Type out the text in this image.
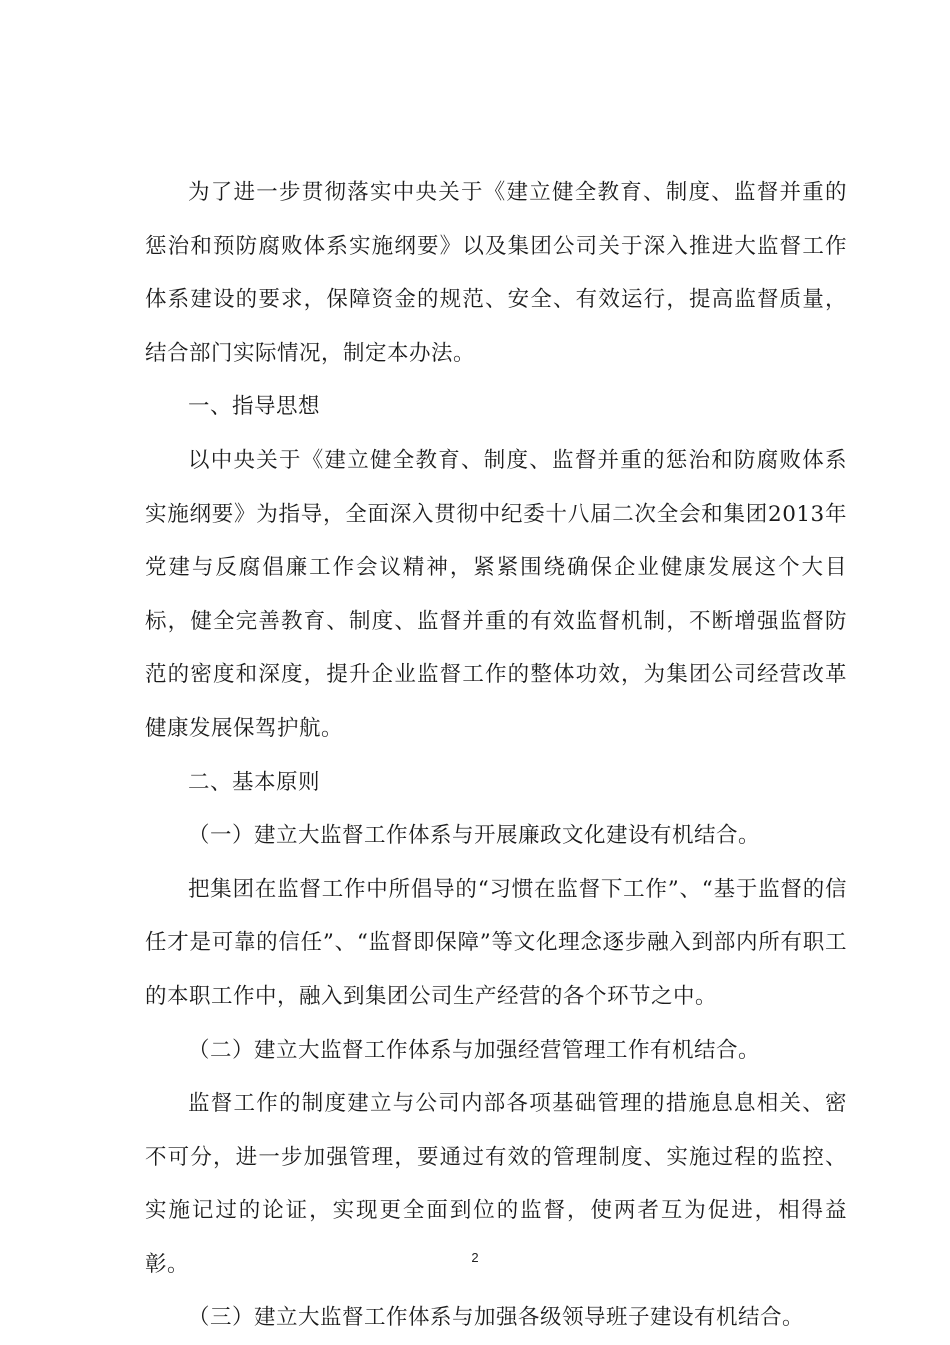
为了进一步贯彻落实中央关于《建立健全教育、制度、监督并重的惩治和预防腐败体系实施纲要》以及集团公司关于深入推进大监督工作体系建设的要求，保障资金的规范、安全、有效运行，提高监督质量，结合部门实际情况，制定本办法。

一、指导思想

以中央关于《建立健全教育、制度、监督并重的惩治和防腐败体系实施纲要》为指导，全面深入贯彻中纪委十八届二次全会和集团2013年党建与反腐倡廉工作会议精神，紧紧围绕确保企业健康发展这个大目标，健全完善教育、制度、监督并重的有效监督机制，不断增强监督防范的密度和深度，提升企业监督工作的整体功效，为集团公司经营改革健康发展保驾护航。

二、基本原则

（一）建立大监督工作体系与开展廉政文化建设有机结合。

把集团在监督工作中所倡导的“习惯在监督下工作”、“基于监督的信任才是可靠的信任”、“监督即保障”等文化理念逐步融入到部内所有职工的本职工作中，融入到集团公司生产经营的各个环节之中。

（二）建立大监督工作体系与加强经营管理工作有机结合。

监督工作的制度建立与公司内部各项基础管理的措施息息相关、密不可分，进一步加强管理，要通过有效的管理制度、实施过程的监控、实施记过的论证，实现更全面到位的监督，使两者互为促进，相得益彰。

（三）建立大监督工作体系与加强各级领导班子建设有机结合。

2
